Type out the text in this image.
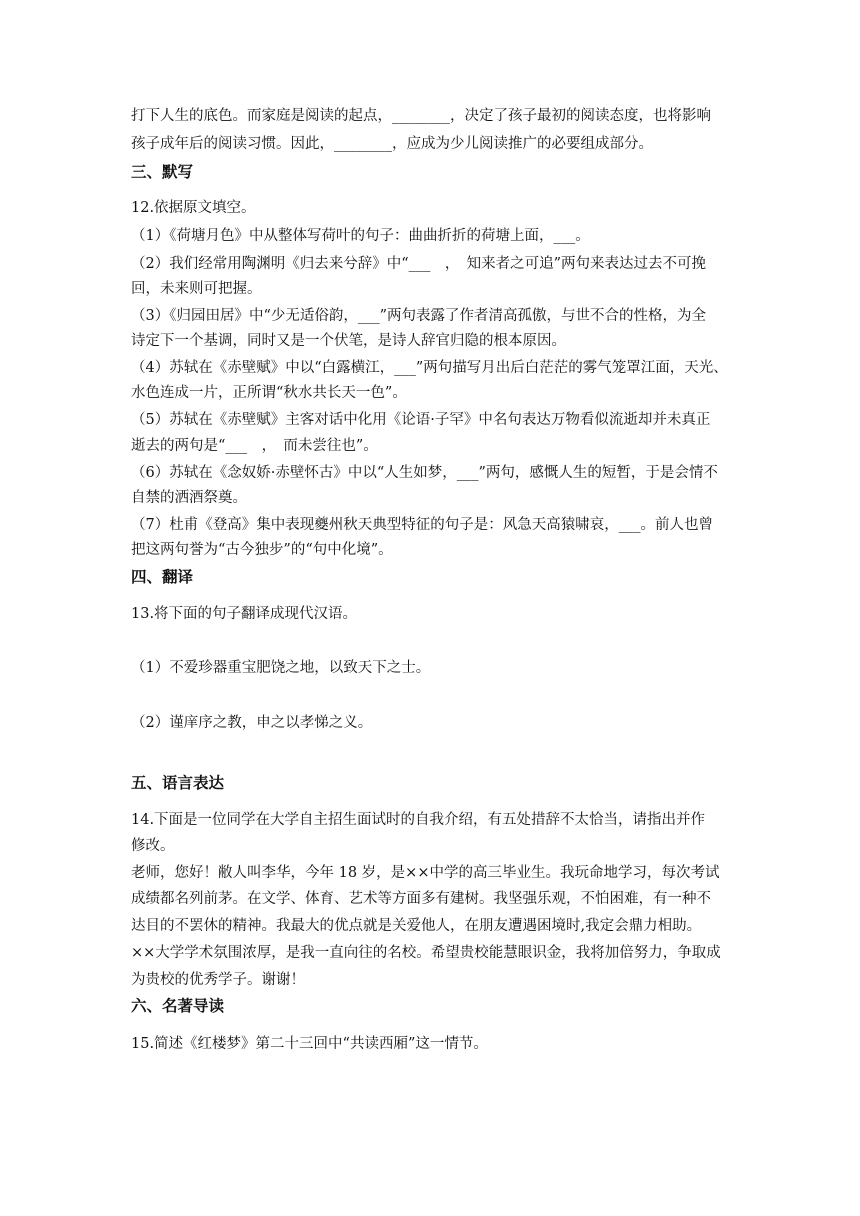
打下人生的底色。而家庭是阅读的起点，________，决定了孩子最初的阅读态度，也将影响
孩子成年后的阅读习惯。因此，________，应成为少儿阅读推广的必要组成部分。
三、默写
12.依据原文填空。
（1）《荷塘月色》中从整体写荷叶的句子：曲曲折折的荷塘上面，___。
（2）我们经常用陶渊明《归去来兮辞》中“___　，　知来者之可追”两句来表达过去不可挽
回，未来则可把握。
（3）《归园田居》中“少无适俗韵，___”两句表露了作者清高孤傲，与世不合的性格，为全
诗定下一个基调，同时又是一个伏笔，是诗人辞官归隐的根本原因。
（4）苏轼在《赤壁赋》中以“白露横江，___”两句描写月出后白茫茫的雾气笼罩江面，天光、
水色连成一片，正所谓“秋水共长天一色”。
（5）苏轼在《赤壁赋》主客对话中化用《论语·子罕》中名句表达万物看似流逝却并未真正
逝去的两句是“___　，　而未尝往也”。
（6）苏轼在《念奴娇·赤壁怀古》中以“人生如梦，___”两句，感慨人生的短暂，于是会情不
自禁的洒酒祭奠。
（7）杜甫《登高》集中表现夔州秋天典型特征的句子是：风急天高猿啸哀，___。前人也曾
把这两句誉为“古今独步”的“句中化境”。
四、翻译
13.将下面的句子翻译成现代汉语。
（1）不爱珍器重宝肥饶之地，以致天下之士。
（2）谨庠序之教，申之以孝悌之义。
五、语言表达
14.下面是一位同学在大学自主招生面试时的自我介绍，有五处措辞不太恰当，请指出并作
修改。
老师，您好！敝人叫李华，今年 18 岁，是××中学的高三毕业生。我玩命地学习，每次考试
成绩都名列前茅。在文学、体育、艺术等方面多有建树。我坚强乐观，不怕困难，有一种不
达目的不罢休的精神。我最大的优点就是关爱他人，在朋友遭遇困境时,我定会鼎力相助。
××大学学术氛围浓厚，是我一直向往的名校。希望贵校能慧眼识金，我将加倍努力，争取成
为贵校的优秀学子。谢谢！
六、名著导读
15.简述《红楼梦》第二十三回中“共读西厢”这一情节。
